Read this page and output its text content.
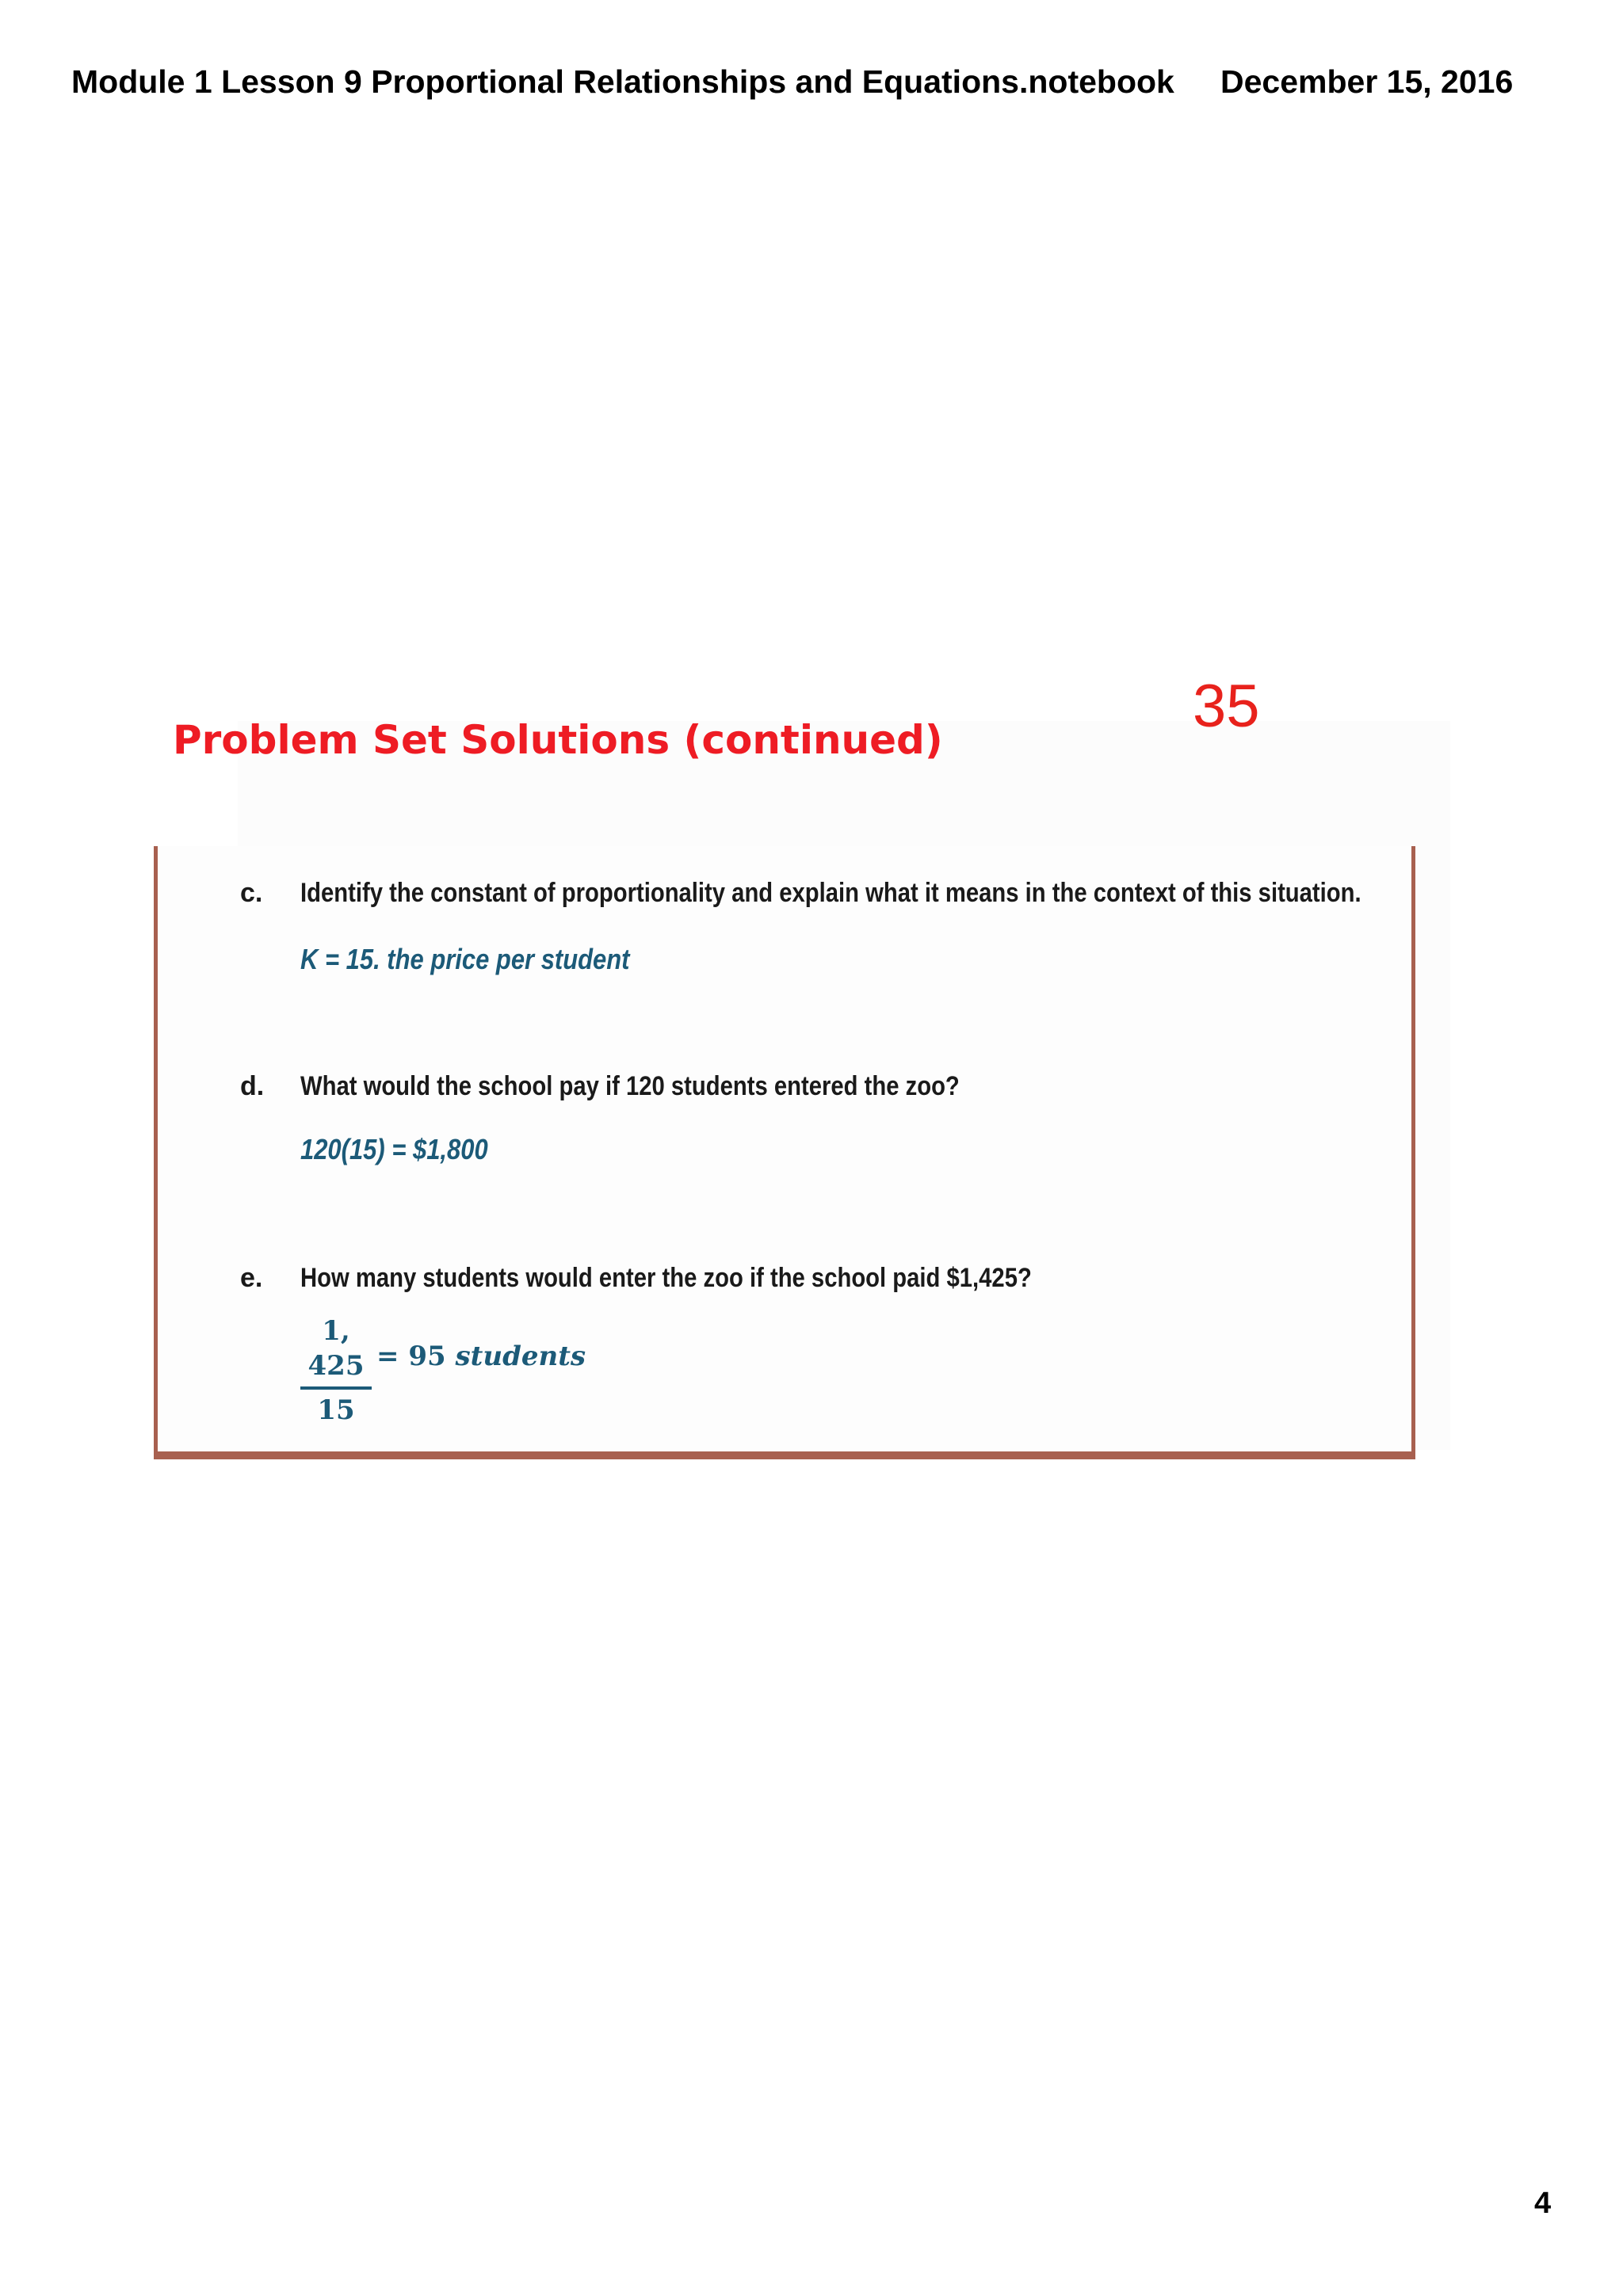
Module 1 Lesson 9 Proportional Relationships and Equations.notebook December 15, 2016
35
Problem Set Solutions (continued)
c. Identify the constant of proportionality and explain what it means in the context of this situation.
K = 15. the price per student
d. What would the school pay if 120 students entered the zoo?
120(15) = $1,800
e. How many students would enter the zoo if the school paid $1,425?
1, 425
15
= 95 students
4
